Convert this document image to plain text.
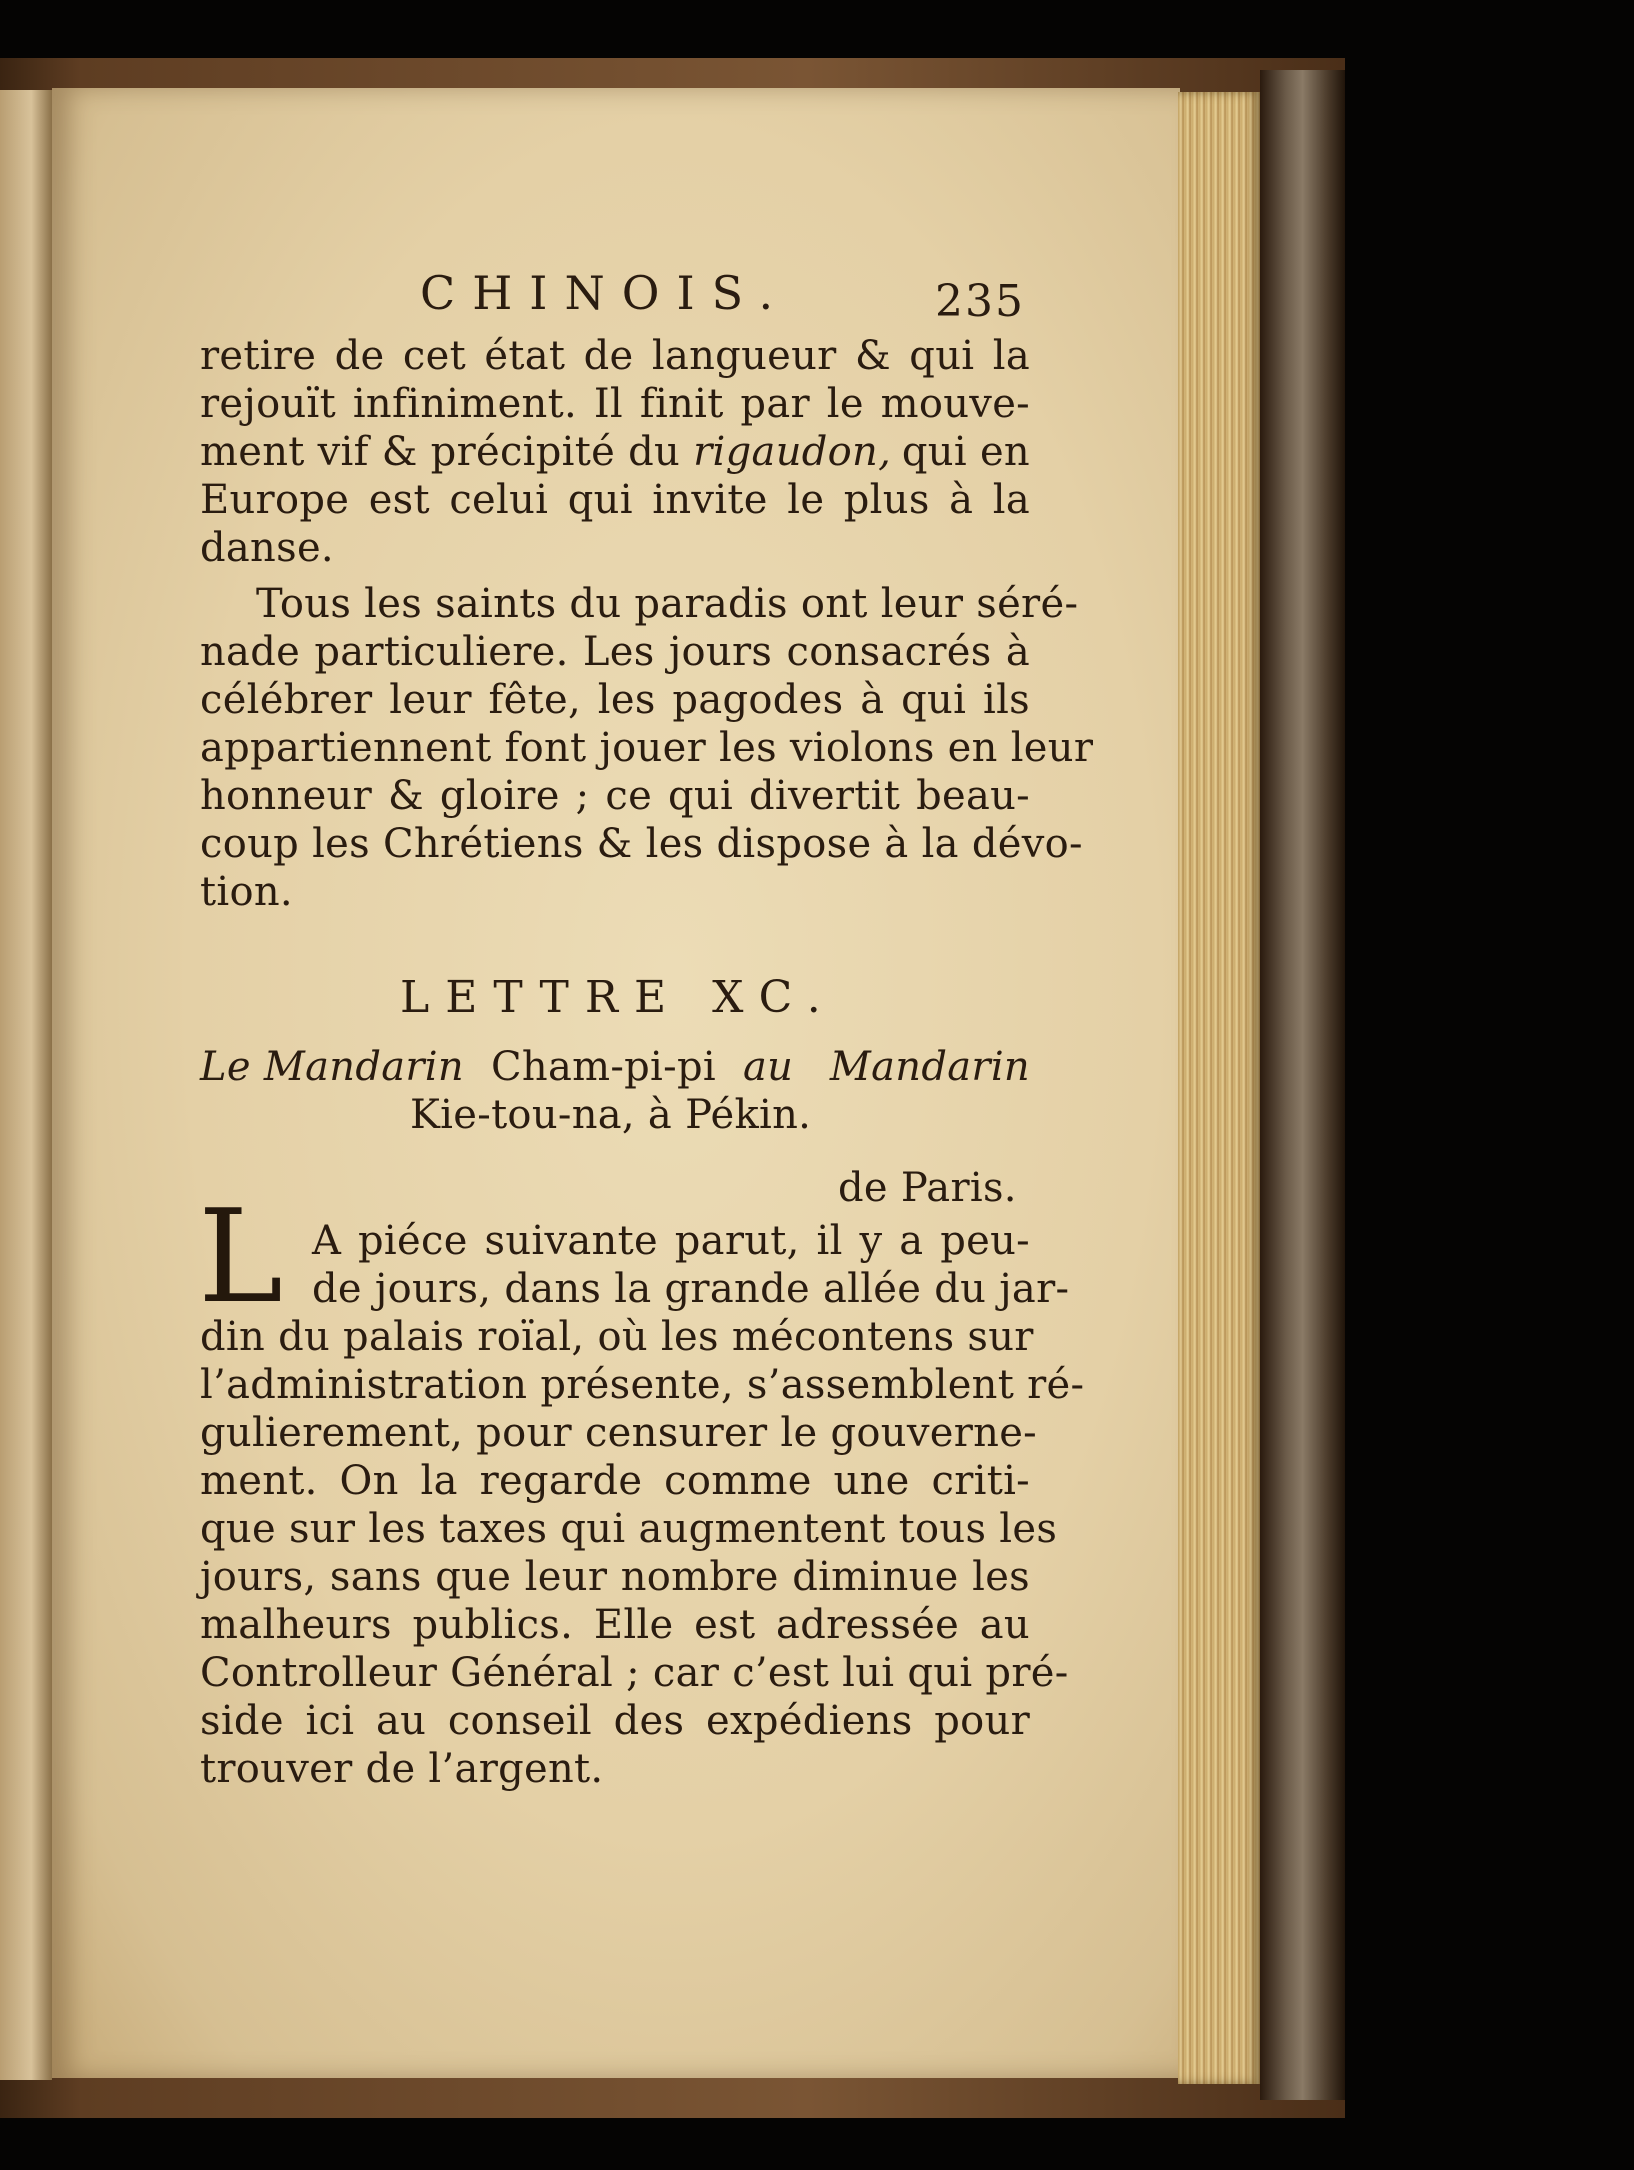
CHINOIS.	235
retire de cet état de langueur & qui la
rejouït infiniment. Il finit par le mouve-
ment vif & précipité du rigaudon, qui en
Europe est celui qui invite le plus à la
danse.
Tous les saints du paradis ont leur séré-
nade particuliere. Les jours consacrés à
célébrer leur fête, les pagodes à qui ils
appartiennent font jouer les violons en leur
honneur & gloire ; ce qui divertit beau-
coup les Chrétiens & les dispose à la dévo-
tion.
LETTRE XC.
Le Mandarin Cham-pi-pi au Mandarin
Kie-tou-na, à Pékin.
de Paris.
L A piéce suivante parut, il y a peu-
de jours, dans la grande allée du jar-
din du palais roïal, où les mécontens sur
l’administration présente, s’assemblent ré-
gulierement, pour censurer le gouverne-
ment. On la regarde comme une criti-
que sur les taxes qui augmentent tous les
jours, sans que leur nombre diminue les
malheurs publics. Elle est adressée au
Controlleur Général ; car c’est lui qui pré-
side ici au conseil des expédiens pour
trouver de l’argent.
